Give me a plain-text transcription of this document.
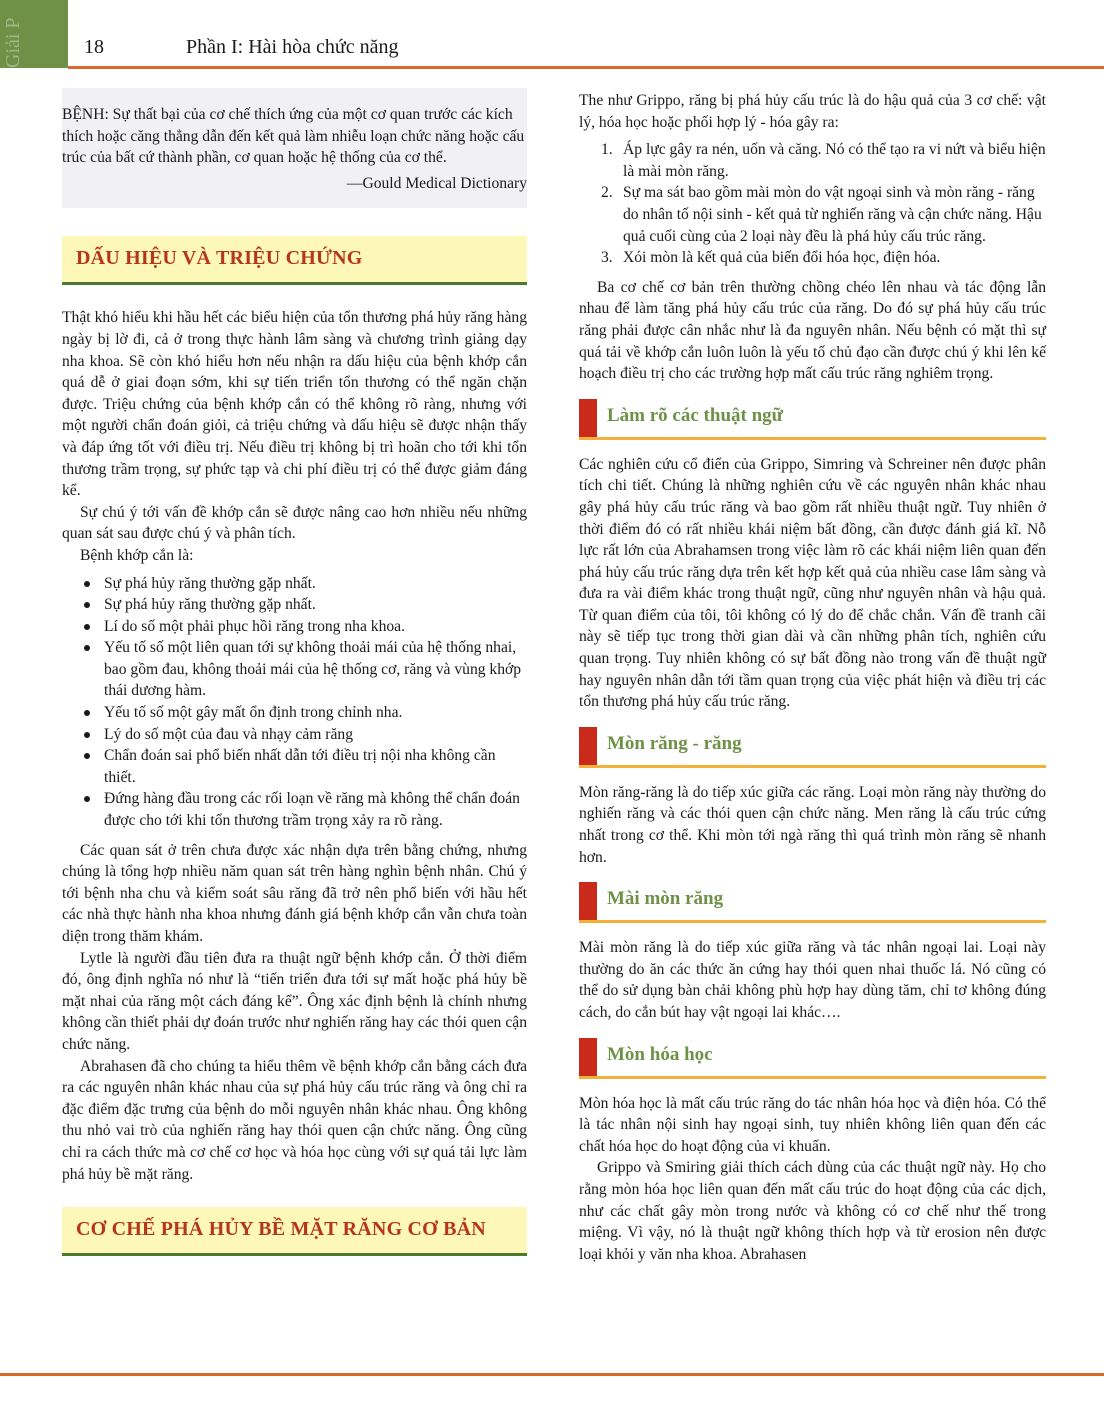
Giải P	18	Phần I: Hài hòa chức năng

BỆNH: Sự thất bại của cơ chế thích ứng của một cơ quan trước các kích thích hoặc căng thẳng dẫn đến kết quả làm nhiễu loạn chức năng hoặc cấu trúc của bất cứ thành phần, cơ quan hoặc hệ thống của cơ thể.

—Gould Medical Dictionary

DẤU HIỆU VÀ TRIỆU CHỨNG

Thật khó hiểu khi hầu hết các biểu hiện của tổn thương phá hủy răng hàng ngày bị lờ đi, cả ở trong thực hành lâm sàng và chương trình giảng dạy nha khoa. Sẽ còn khó hiểu hơn nếu nhận ra dấu hiệu của bệnh khớp cắn quá dễ ở giai đoạn sớm, khi sự tiến triển tổn thương có thể ngăn chặn được. Triệu chứng của bệnh khớp cắn có thể không rõ ràng, nhưng với một người chẩn đoán giỏi, cả triệu chứng và dấu hiệu sẽ được nhận thấy và đáp ứng tốt với điều trị. Nếu điều trị không bị trì hoãn cho tới khi tổn thương trầm trọng, sự phức tạp và chi phí điều trị có thể được giảm đáng kể.

Sự chú ý tới vấn đề khớp cắn sẽ được nâng cao hơn nhiều nếu những quan sát sau được chú ý và phân tích.

Bệnh khớp cắn là:

Sự phá hủy răng thường gặp nhất.
Sự phá hủy răng thường gặp nhất.
Lí do số một phải phục hồi răng trong nha khoa.
Yếu tố số một liên quan tới sự không thoải mái của hệ thống nhai, bao gồm đau, không thoải mái của hệ thống cơ, răng và vùng khớp thái dương hàm.
Yếu tố số một gây mất ổn định trong chỉnh nha.
Lý do số một của đau và nhạy cảm răng
Chẩn đoán sai phổ biến nhất dẫn tới điều trị nội nha không cần thiết.
Đứng hàng đầu trong các rối loạn về răng mà không thể chẩn đoán được cho tới khi tổn thương trầm trọng xảy ra rõ ràng.

Các quan sát ở trên chưa được xác nhận dựa trên bằng chứng, nhưng chúng là tổng hợp nhiều năm quan sát trên hàng nghìn bệnh nhân. Chú ý tới bệnh nha chu và kiểm soát sâu răng đã trở nên phổ biến với hầu hết các nhà thực hành nha khoa nhưng đánh giá bệnh khớp cắn vẫn chưa toàn diện trong thăm khám.

Lytle là người đầu tiên đưa ra thuật ngữ bệnh khớp cắn. Ở thời điểm đó, ông định nghĩa nó như là “tiến triển đưa tới sự mất hoặc phá hủy bề mặt nhai của răng một cách đáng kể”. Ông xác định bệnh là chính nhưng không cần thiết phải dự đoán trước như nghiến răng hay các thói quen cận chức năng.

Abrahasen đã cho chúng ta hiểu thêm về bệnh khớp cắn bằng cách đưa ra các nguyên nhân khác nhau của sự phá hủy cấu trúc răng và ông chỉ ra đặc điểm đặc trưng của bệnh do mỗi nguyên nhân khác nhau. Ông không thu nhỏ vai trò của nghiến răng hay thói quen cận chức năng. Ông cũng chỉ ra cách thức mà cơ chế cơ học và hóa học cùng với sự quá tải lực làm phá hủy bề mặt răng.

CƠ CHẾ PHÁ HỦY BỀ MẶT RĂNG CƠ BẢN

The như Grippo, răng bị phá hủy cấu trúc là do hậu quả của 3 cơ chế: vật lý, hóa học hoặc phối hợp lý - hóa gây ra:

1. Áp lực gây ra nén, uốn và căng. Nó có thể tạo ra vi nứt và biểu hiện là mài mòn răng.
2. Sự ma sát bao gồm mài mòn do vật ngoại sinh và mòn răng - răng do nhân tố nội sinh - kết quả từ nghiến răng và cận chức năng. Hậu quả cuối cùng của 2 loại này đều là phá hủy cấu trúc răng.
3. Xói mòn là kết quả của biến đổi hóa học, điện hóa.

Ba cơ chế cơ bản trên thường chồng chéo lên nhau và tác động lẫn nhau để làm tăng phá hủy cấu trúc của răng. Do đó sự phá hủy cấu trúc răng phải được cân nhắc như là đa nguyên nhân. Nếu bệnh có mặt thì sự quá tải về khớp cắn luôn luôn là yếu tố chủ đạo cần được chú ý khi lên kế hoạch điều trị cho các trường hợp mất cấu trúc răng nghiêm trọng.

Làm rõ các thuật ngữ

Các nghiên cứu cổ điển của Grippo, Simring và Schreiner nên được phân tích chi tiết. Chúng là những nghiên cứu về các nguyên nhân khác nhau gây phá hủy cấu trúc răng và bao gồm rất nhiều thuật ngữ. Tuy nhiên ở thời điểm đó có rất nhiều khái niệm bất đồng, cần được đánh giá kĩ. Nỗ lực rất lớn của Abrahamsen trong việc làm rõ các khái niệm liên quan đến phá hủy cấu trúc răng dựa trên kết hợp kết quả của nhiều case lâm sàng và đưa ra vài điểm khác trong thuật ngữ, cũng như nguyên nhân và hậu quả. Từ quan điểm của tôi, tôi không có lý do để chắc chắn. Vấn đề tranh cãi này sẽ tiếp tục trong thời gian dài và cần những phân tích, nghiên cứu quan trọng. Tuy nhiên không có sự bất đồng nào trong vấn đề thuật ngữ hay nguyên nhân dẫn tới tầm quan trọng của việc phát hiện và điều trị các tổn thương phá hủy cấu trúc răng.

Mòn răng - răng

Mòn răng-răng là do tiếp xúc giữa các răng. Loại mòn răng này thường do nghiến răng và các thói quen cận chức năng. Men răng là cấu trúc cứng nhất trong cơ thể. Khi mòn tới ngà răng thì quá trình mòn răng sẽ nhanh hơn.

Mài mòn răng

Mài mòn răng là do tiếp xúc giữa răng và tác nhân ngoại lai. Loại này thường do ăn các thức ăn cứng hay thói quen nhai thuốc lá. Nó cũng có thể do sử dụng bàn chải không phù hợp hay dùng tăm, chỉ tơ không đúng cách, do cắn bút hay vật ngoại lai khác….

Mòn hóa học

Mòn hóa học là mất cấu trúc răng do tác nhân hóa học và điện hóa. Có thể là tác nhân nội sinh hay ngoại sinh, tuy nhiên không liên quan đến các chất hóa học do hoạt động của vi khuẩn.

Grippo và Smiring giải thích cách dùng của các thuật ngữ này. Họ cho rằng mòn hóa học liên quan đến mất cấu trúc do hoạt động của các dịch, như các chất gây mòn trong nước và không có cơ chế như thế trong miệng. Vì vậy, nó là thuật ngữ không thích hợp và từ erosion nên được loại khỏi y văn nha khoa. Abrahasen
